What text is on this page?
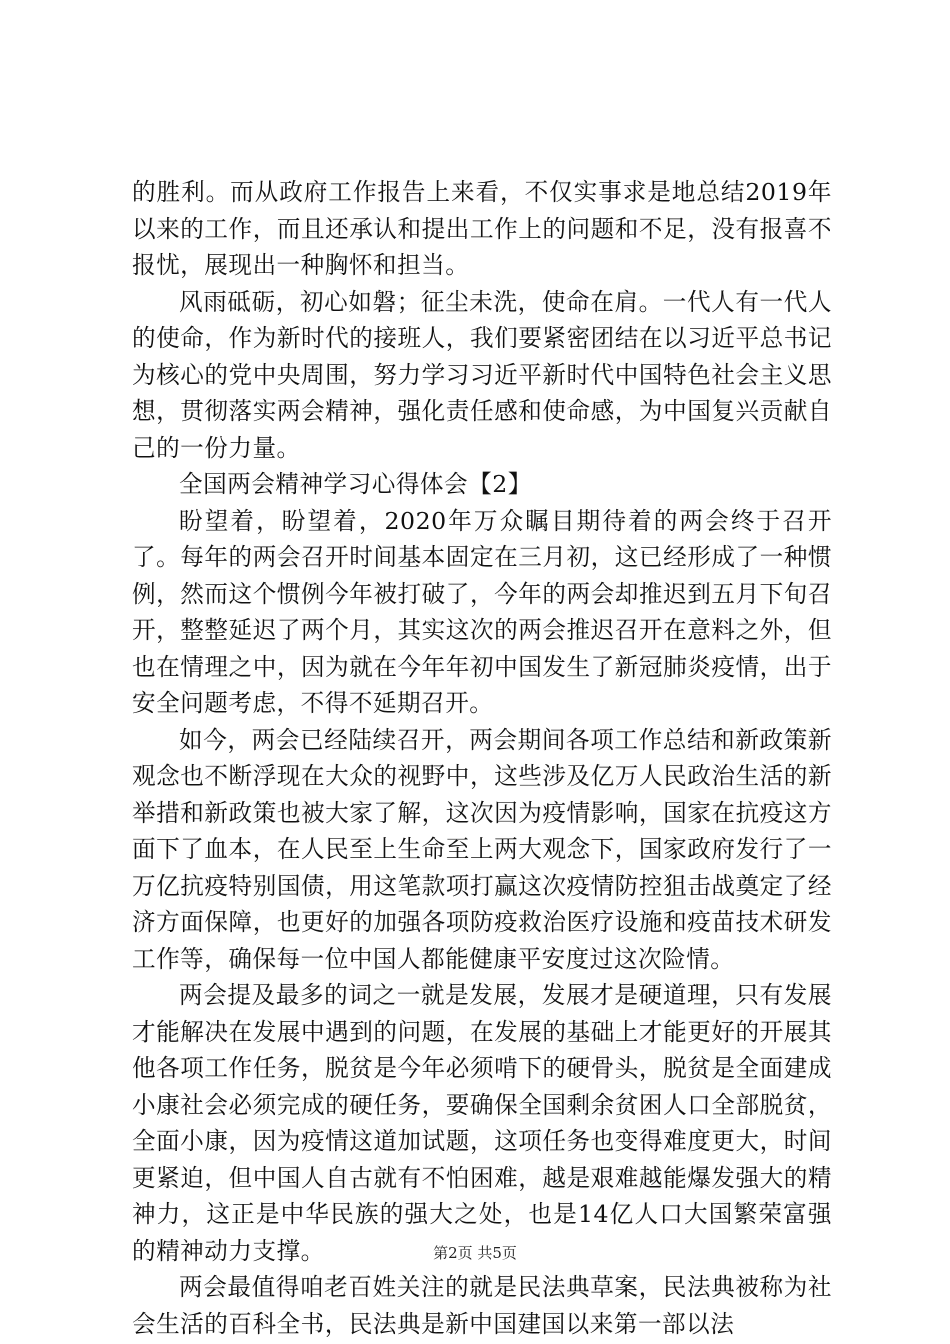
的胜利。而从政府工作报告上来看，不仅实事求是地总结2019年以来的工作，而且还承认和提出工作上的问题和不足，没有报喜不报忧，展现出一种胸怀和担当。

风雨砥砺，初心如磐；征尘未洗，使命在肩。一代人有一代人的使命，作为新时代的接班人，我们要紧密团结在以习近平总书记为核心的党中央周围，努力学习习近平新时代中国特色社会主义思想，贯彻落实两会精神，强化责任感和使命感，为中国复兴贡献自己的一份力量。

全国两会精神学习心得体会【2】

盼望着，盼望着，2020年万众瞩目期待着的两会终于召开了。每年的两会召开时间基本固定在三月初，这已经形成了一种惯例，然而这个惯例今年被打破了，今年的两会却推迟到五月下旬召开，整整延迟了两个月，其实这次的两会推迟召开在意料之外，但也在情理之中，因为就在今年年初中国发生了新冠肺炎疫情，出于安全问题考虑，不得不延期召开。

如今，两会已经陆续召开，两会期间各项工作总结和新政策新观念也不断浮现在大众的视野中，这些涉及亿万人民政治生活的新举措和新政策也被大家了解，这次因为疫情影响，国家在抗疫这方面下了血本，在人民至上生命至上两大观念下，国家政府发行了一万亿抗疫特别国债，用这笔款项打赢这次疫情防控狙击战奠定了经济方面保障，也更好的加强各项防疫救治医疗设施和疫苗技术研发工作等，确保每一位中国人都能健康平安度过这次险情。

两会提及最多的词之一就是发展，发展才是硬道理，只有发展才能解决在发展中遇到的问题，在发展的基础上才能更好的开展其他各项工作任务，脱贫是今年必须啃下的硬骨头，脱贫是全面建成小康社会必须完成的硬任务，要确保全国剩余贫困人口全部脱贫，全面小康，因为疫情这道加试题，这项任务也变得难度更大，时间更紧迫，但中国人自古就有不怕困难，越是艰难越能爆发强大的精神力，这正是中华民族的强大之处，也是14亿人口大国繁荣富强的精神动力支撑。

两会最值得咱老百姓关注的就是民法典草案，民法典被称为社会生活的百科全书，民法典是新中国建国以来第一部以法

第2页 共5页
